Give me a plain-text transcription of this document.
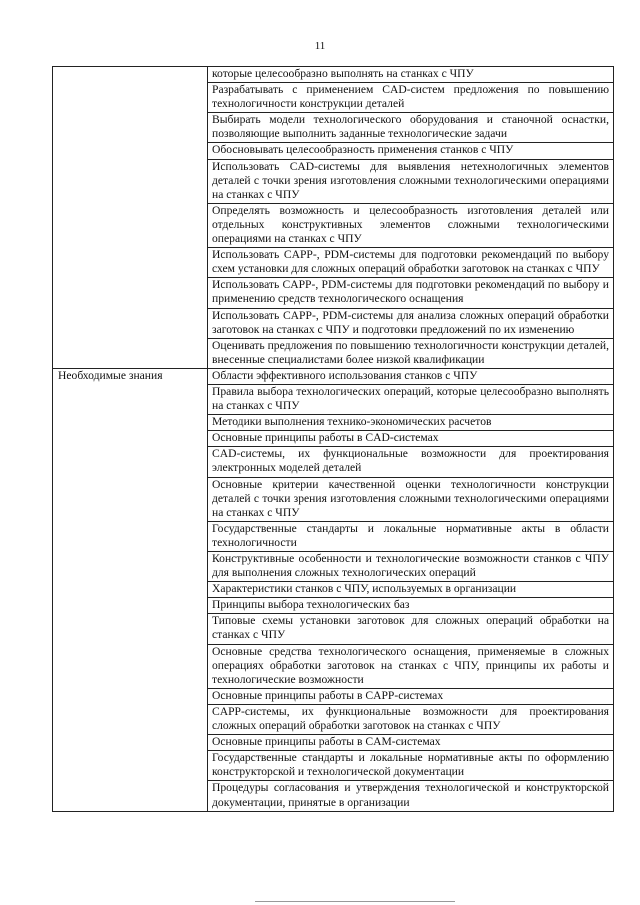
11
	которые целесообразно выполнять на станках с ЧПУ
	Разрабатывать с применением CAD-систем предложения по повышению технологичности конструкции деталей
	Выбирать модели технологического оборудования и станочной оснастки, позволяющие выполнить заданные технологические задачи
	Обосновывать целесообразность применения станков с ЧПУ
	Использовать CAD-системы для выявления нетехнологичных элементов деталей с точки зрения изготовления сложными технологическими операциями на станках с ЧПУ
	Определять возможность и целесообразность изготовления деталей или отдельных конструктивных элементов сложными технологическими операциями на станках с ЧПУ
	Использовать CAPP-, PDM-системы для подготовки рекомендаций по выбору схем установки для сложных операций обработки заготовок на станках с ЧПУ
	Использовать CAPP-, PDM-системы для подготовки рекомендаций по выбору и применению средств технологического оснащения
	Использовать CAPP-, PDM-системы для анализа сложных операций обработки заготовок на станках с ЧПУ и подготовки предложений по их изменению
	Оценивать предложения по повышению технологичности конструкции деталей, внесенные специалистами более низкой квалификации
Необходимые знания	Области эффективного использования станков с ЧПУ
	Правила выбора технологических операций, которые целесообразно выполнять на станках с ЧПУ
	Методики выполнения технико-экономических расчетов
	Основные принципы работы в CAD-системах
	CAD-системы, их функциональные возможности для проектирования электронных моделей деталей
	Основные критерии качественной оценки технологичности конструкции деталей с точки зрения изготовления сложными технологическими операциями на станках с ЧПУ
	Государственные стандарты и локальные нормативные акты в области технологичности
	Конструктивные особенности и технологические возможности станков с ЧПУ для выполнения сложных технологических операций
	Характеристики станков с ЧПУ, используемых в организации
	Принципы выбора технологических баз
	Типовые схемы установки заготовок для сложных операций обработки на станках с ЧПУ
	Основные средства технологического оснащения, применяемые в сложных операциях обработки заготовок на станках с ЧПУ, принципы их работы и технологические возможности
	Основные принципы работы в CAPP-системах
	CAPP-системы, их функциональные возможности для проектирования сложных операций обработки заготовок на станках с ЧПУ
	Основные принципы работы в CAM-системах
	Государственные стандарты и локальные нормативные акты по оформлению конструкторской и технологической документации
	Процедуры согласования и утверждения технологической и конструкторской документации, принятые в организации
